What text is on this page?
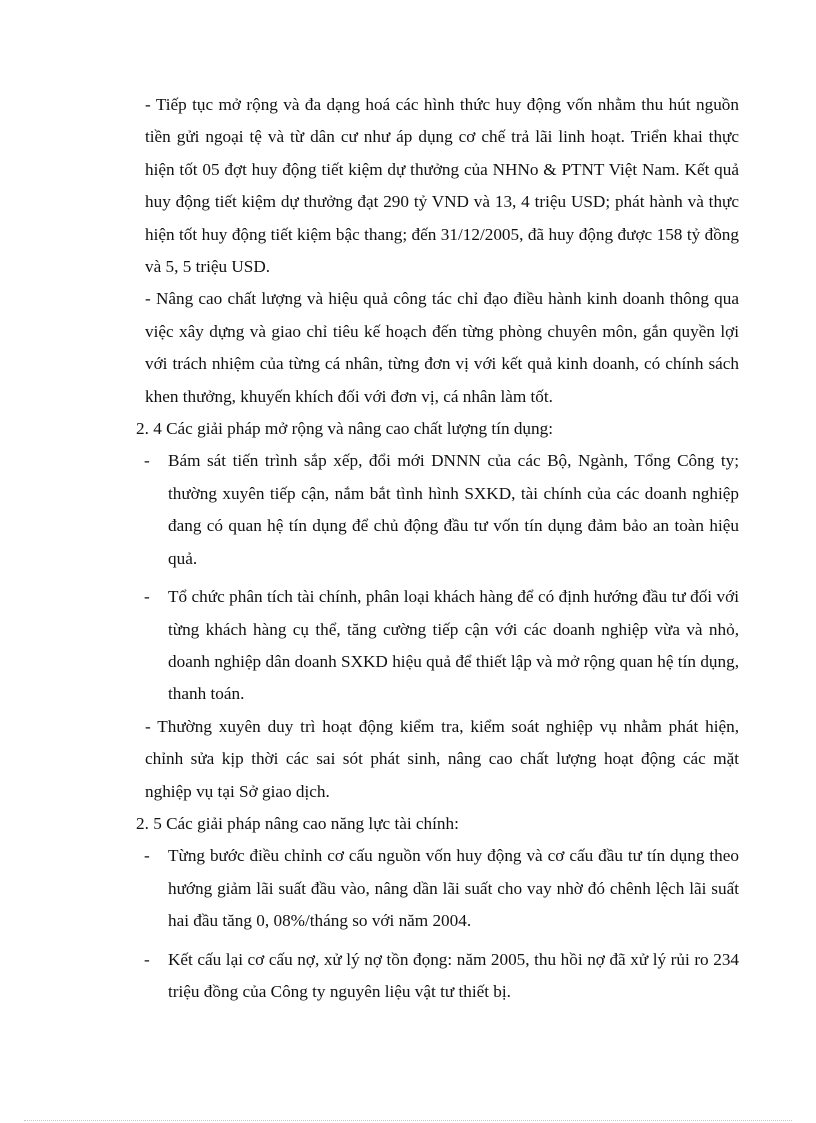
- Tiếp tục mở rộng và đa dạng hoá các hình thức huy động vốn nhằm thu hút nguồn tiền gửi ngoại tệ và từ dân cư như áp dụng cơ chế trả lãi linh hoạt. Triển khai thực hiện tốt 05 đợt huy động tiết kiệm dự thưởng của NHNo & PTNT Việt Nam. Kết quả huy động tiết kiệm dự thưởng đạt 290 tỷ VND và 13, 4 triệu USD; phát hành và thực hiện tốt huy động tiết kiệm bậc thang; đến 31/12/2005, đã huy động được 158 tỷ đồng và 5, 5 triệu USD.

- Nâng cao chất lượng và hiệu quả công tác chỉ đạo điều hành kinh doanh thông qua việc xây dựng và giao chỉ tiêu kế hoạch đến từng phòng chuyên môn, gắn quyền lợi với trách nhiệm của từng cá nhân, từng đơn vị với kết quả kinh doanh, có chính sách khen thưởng, khuyến khích đối với đơn vị, cá nhân làm tốt.

2. 4 Các giải pháp mở rộng và nâng cao chất lượng tín dụng:

- Bám sát tiến trình sắp xếp, đổi mới DNNN của các Bộ, Ngành, Tổng Công ty; thường xuyên tiếp cận, nắm bắt tình hình SXKD, tài chính của các doanh nghiệp đang có quan hệ tín dụng để chủ động đầu tư vốn tín dụng đảm bảo an toàn hiệu quả.
- Tổ chức phân tích tài chính, phân loại khách hàng để có định hướng đầu tư đối với từng khách hàng cụ thể, tăng cường tiếp cận với các doanh nghiệp vừa và nhỏ, doanh nghiệp dân doanh SXKD hiệu quả để thiết lập và mở rộng quan hệ tín dụng, thanh toán.

- Thường xuyên duy trì hoạt động kiểm tra, kiểm soát nghiệp vụ nhằm phát hiện, chỉnh sửa kịp thời các sai sót phát sinh, nâng cao chất lượng hoạt động các mặt nghiệp vụ tại Sở giao dịch.

2. 5 Các giải pháp nâng cao năng lực tài chính:

- Từng bước điều chỉnh cơ cấu nguồn vốn huy động và cơ cấu đầu tư tín dụng theo hướng giảm lãi suất đầu vào, nâng dần lãi suất cho vay nhờ đó chênh lệch lãi suất hai đầu tăng 0, 08%/tháng so với năm 2004.
- Kết cấu lại cơ cấu nợ, xử lý nợ tồn đọng: năm 2005, thu hồi nợ đã xử lý rủi ro 234 triệu đồng của Công ty nguyên liệu vật tư thiết bị.
